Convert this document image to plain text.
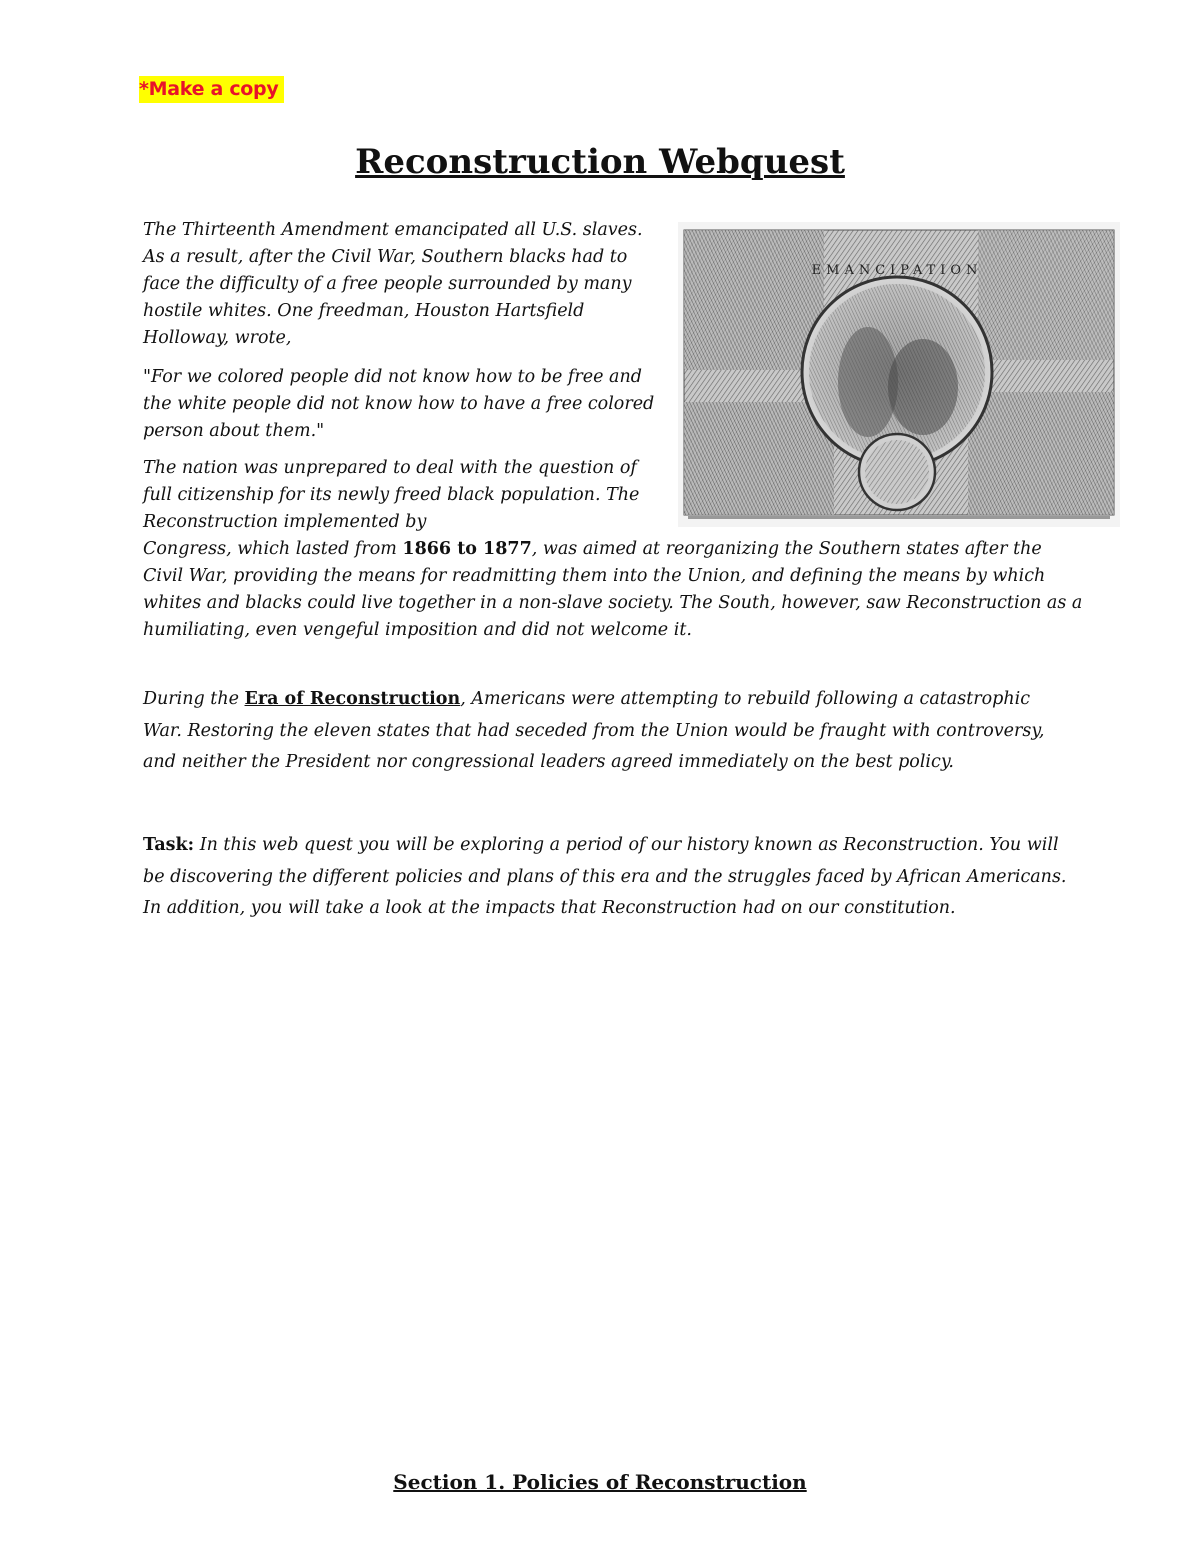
*Make a copy
Reconstruction Webquest
EMANCIPATION

The Thirteenth Amendment emancipated all U.S. slaves. As a result, after the Civil War, Southern blacks had to face the difficulty of a free people surrounded by many hostile whites. One freedman, Houston Hartsfield Holloway, wrote,

"For we colored people did not know how to be free and the white people did not know how to have a free colored person about them."

The nation was unprepared to deal with the question of full citizenship for its newly freed black population. The Reconstruction implemented by

Congress, which lasted from 1866 to 1877, was aimed at reorganizing the Southern states after the Civil War, providing the means for readmitting them into the Union, and defining the means by which whites and blacks could live together in a non-slave society. The South, however, saw Reconstruction as a humiliating, even vengeful imposition and did not welcome it.

During the Era of Reconstruction, Americans were attempting to rebuild following a catastrophic War. Restoring the eleven states that had seceded from the Union would be fraught with controversy, and neither the President nor congressional leaders agreed immediately on the best policy.

Task: In this web quest you will be exploring a period of our history known as Reconstruction. You will be discovering the different policies and plans of this era and the struggles faced by African Americans. In addition, you will take a look at the impacts that Reconstruction had on our constitution.

Section 1. Policies of Reconstruction
